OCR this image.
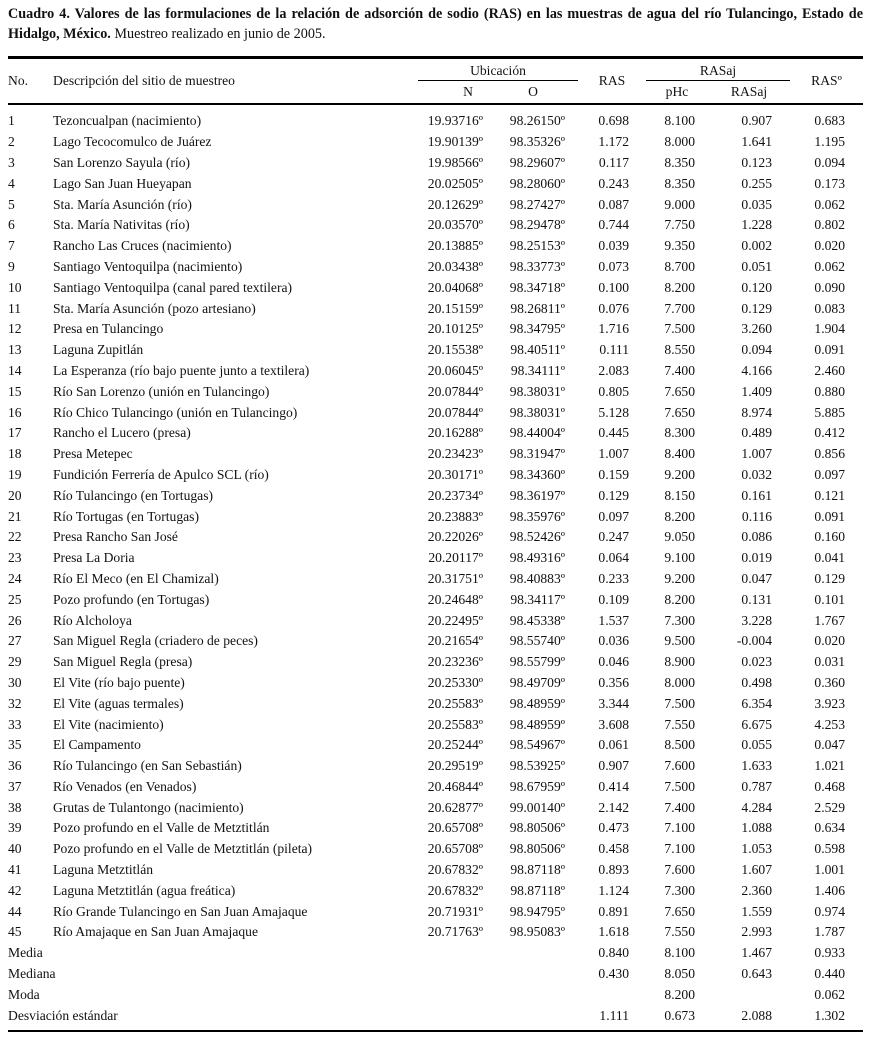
Cuadro 4. Valores de las formulaciones de la relación de adsorción de sodio (RAS) en las muestras de agua del río Tulancingo, Estado de Hidalgo, México. Muestreo realizado en junio de 2005.
No.	Descripción del sitio de muestreo	Ubicación		RAS	RASaj		RASº
		N	O		pHc	RASaj	
1	Tezoncualpan (nacimiento)	19.93716º	98.26150º	0.698	8.100	0.907	0.683
2	Lago Tecocomulco de Juárez	19.90139º	98.35326º	1.172	8.000	1.641	1.195
3	San Lorenzo Sayula (río)	19.98566º	98.29607º	0.117	8.350	0.123	0.094
4	Lago San Juan Hueyapan	20.02505º	98.28060º	0.243	8.350	0.255	0.173
5	Sta. María Asunción (río)	20.12629º	98.27427º	0.087	9.000	0.035	0.062
6	Sta. María Nativitas (río)	20.03570º	98.29478º	0.744	7.750	1.228	0.802
7	Rancho Las Cruces (nacimiento)	20.13885º	98.25153º	0.039	9.350	0.002	0.020
9	Santiago Ventoquilpa (nacimiento)	20.03438º	98.33773º	0.073	8.700	0.051	0.062
10	Santiago Ventoquilpa (canal pared textilera)	20.04068º	98.34718º	0.100	8.200	0.120	0.090
11	Sta. María Asunción (pozo artesiano)	20.15159º	98.26811º	0.076	7.700	0.129	0.083
12	Presa en Tulancingo	20.10125º	98.34795º	1.716	7.500	3.260	1.904
13	Laguna Zupitlán	20.15538º	98.40511º	0.111	8.550	0.094	0.091
14	La Esperanza (río bajo puente junto a textilera)	20.06045º	98.34111º	2.083	7.400	4.166	2.460
15	Río San Lorenzo (unión en Tulancingo)	20.07844º	98.38031º	0.805	7.650	1.409	0.880
16	Río Chico Tulancingo (unión en Tulancingo)	20.07844º	98.38031º	5.128	7.650	8.974	5.885
17	Rancho el Lucero (presa)	20.16288º	98.44004º	0.445	8.300	0.489	0.412
18	Presa Metepec	20.23423º	98.31947º	1.007	8.400	1.007	0.856
19	Fundición Ferrería de Apulco SCL (río)	20.30171º	98.34360º	0.159	9.200	0.032	0.097
20	Río Tulancingo (en Tortugas)	20.23734º	98.36197º	0.129	8.150	0.161	0.121
21	Río Tortugas (en Tortugas)	20.23883º	98.35976º	0.097	8.200	0.116	0.091
22	Presa Rancho San José	20.22026º	98.52426º	0.247	9.050	0.086	0.160
23	Presa La Doria	20.20117º	98.49316º	0.064	9.100	0.019	0.041
24	Río El Meco (en El Chamizal)	20.31751º	98.40883º	0.233	9.200	0.047	0.129
25	Pozo profundo (en Tortugas)	20.24648º	98.34117º	0.109	8.200	0.131	0.101
26	Río Alcholoya	20.22495º	98.45338º	1.537	7.300	3.228	1.767
27	San Miguel Regla (criadero de peces)	20.21654º	98.55740º	0.036	9.500	-0.004	0.020
29	San Miguel Regla (presa)	20.23236º	98.55799º	0.046	8.900	0.023	0.031
30	El Vite (río bajo puente)	20.25330º	98.49709º	0.356	8.000	0.498	0.360
32	El Vite (aguas termales)	20.25583º	98.48959º	3.344	7.500	6.354	3.923
33	El Vite (nacimiento)	20.25583º	98.48959º	3.608	7.550	6.675	4.253
35	El Campamento	20.25244º	98.54967º	0.061	8.500	0.055	0.047
36	Río Tulancingo (en San Sebastián)	20.29519º	98.53925º	0.907	7.600	1.633	1.021
37	Río Venados (en Venados)	20.46844º	98.67959º	0.414	7.500	0.787	0.468
38	Grutas de Tulantongo (nacimiento)	20.62877º	99.00140º	2.142	7.400	4.284	2.529
39	Pozo profundo en el Valle de Metztitlán	20.65708º	98.80506º	0.473	7.100	1.088	0.634
40	Pozo profundo en el Valle de Metztitlán (pileta)	20.65708º	98.80506º	0.458	7.100	1.053	0.598
41	Laguna Metztitlán	20.67832º	98.87118º	0.893	7.600	1.607	1.001
42	Laguna Metztitlán (agua freática)	20.67832º	98.87118º	1.124	7.300	2.360	1.406
44	Río Grande Tulancingo en San Juan Amajaque	20.71931º	98.94795º	0.891	7.650	1.559	0.974
45	Río Amajaque en San Juan Amajaque	20.71763º	98.95083º	1.618	7.550	2.993	1.787
Media				0.840	8.100	1.467	0.933
Mediana				0.430	8.050	0.643	0.440
Moda					8.200		0.062
Desviación estándar				1.111	0.673	2.088	1.302
